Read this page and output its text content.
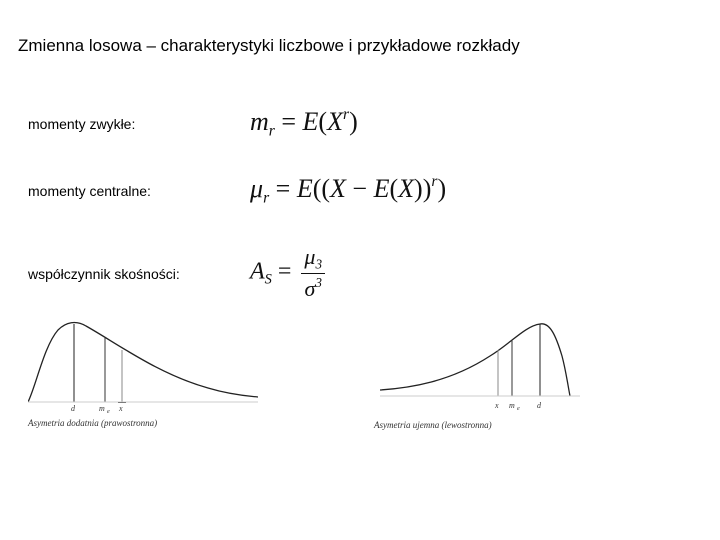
Zmienna losowa – charakterystyki liczbowe i przykładowe rozkłady
momenty zwykłe:	$m_r = E(X^r)$
momenty centralne:	$\mu_r = E((X - E(X))^r)$
współczynnik skośności:	$A_S = \frac{\mu_3}{\sigma^3}$
d	m e x
Asymetria dodatnia (prawostronna)
x m e d
Asymetria ujemna (lewostronna)
